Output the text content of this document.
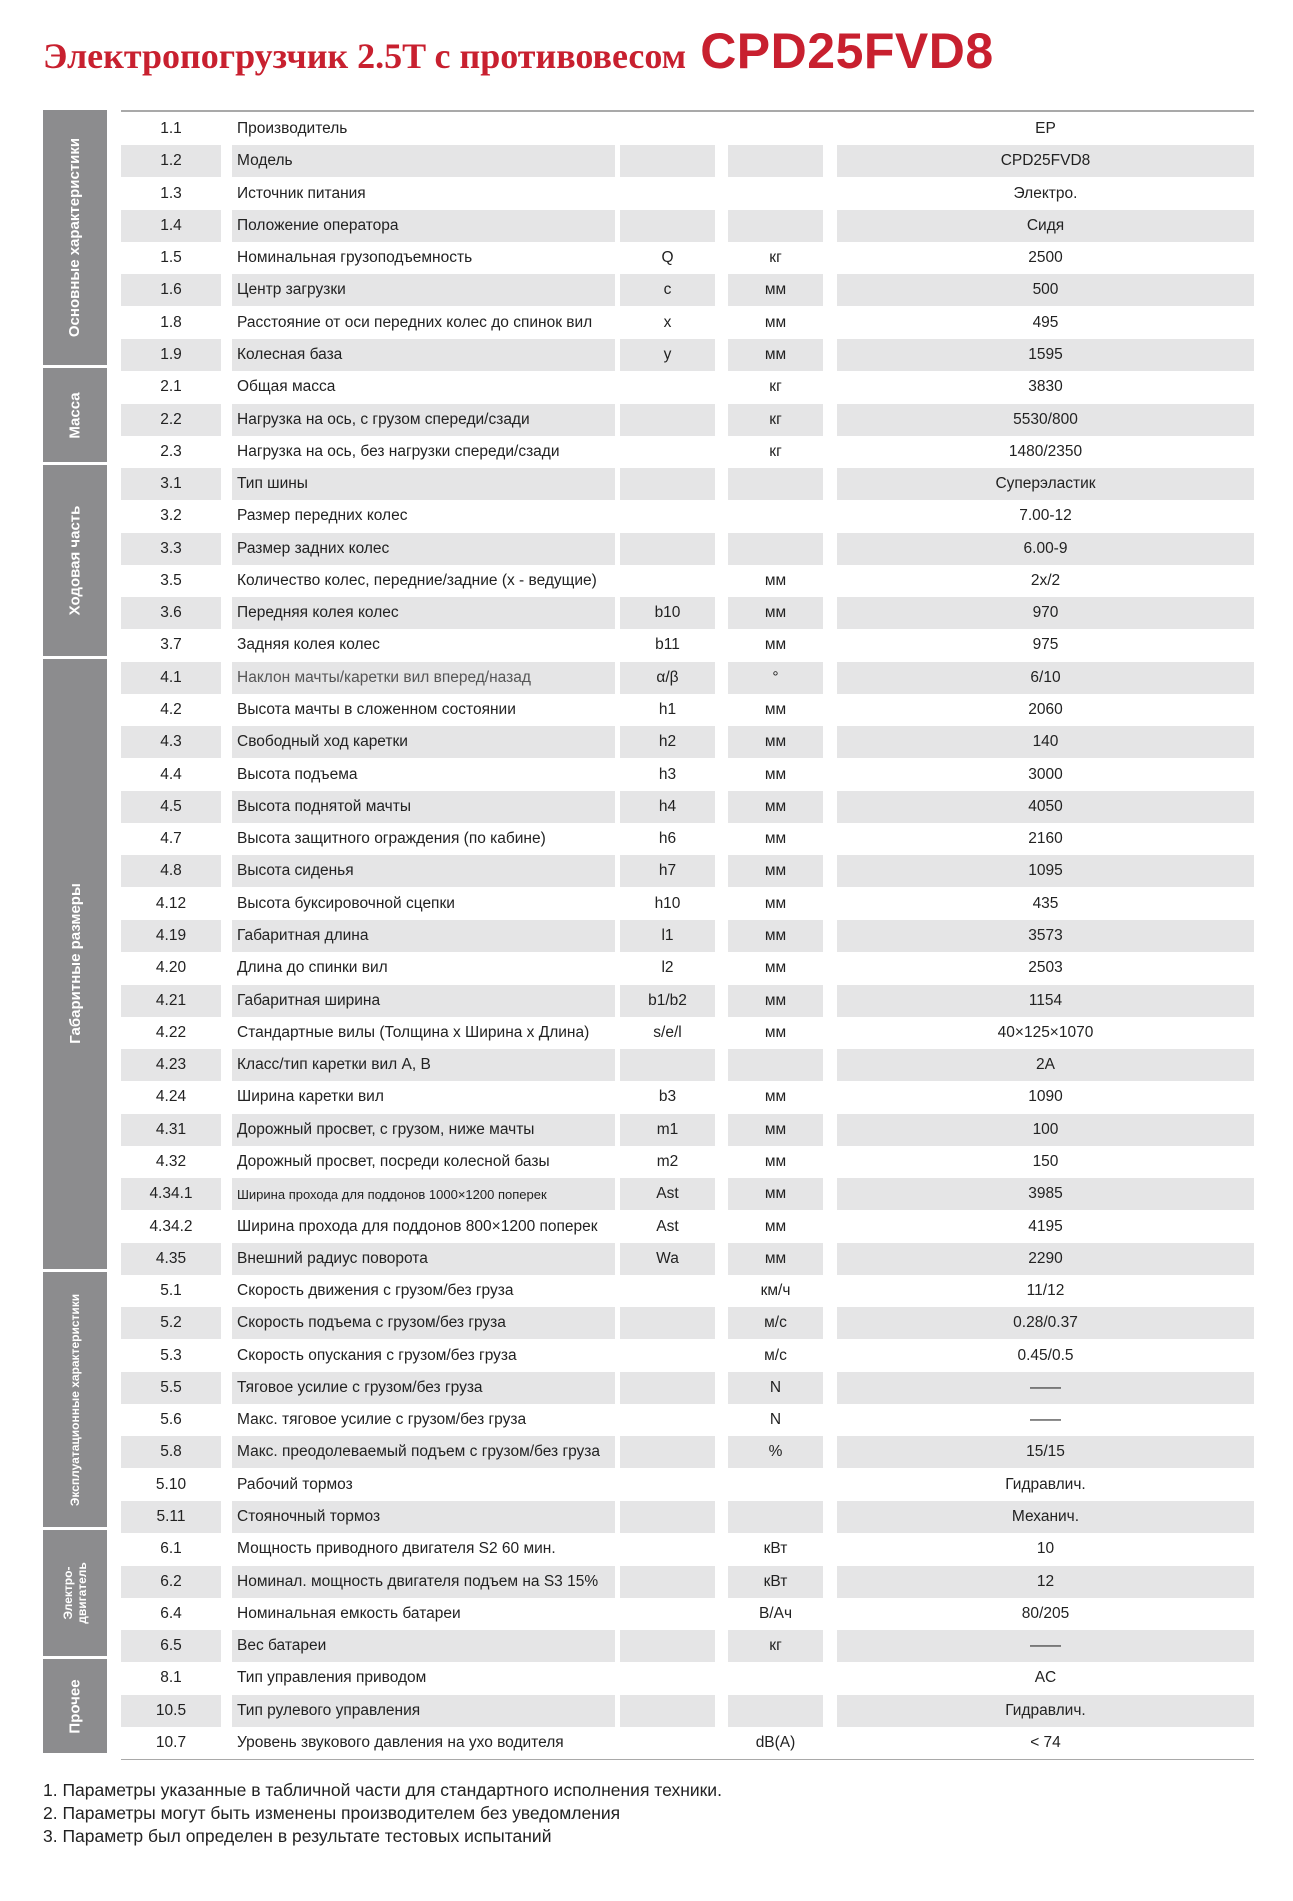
Электропогрузчик 2.5T с противовесом CPD25FVD8
Основные характеристики
Масса
Ходовая часть
Габаритные размеры
Эксплуатационные характеристики
Электро-
двигатель
Прочее
1.1	Производитель	EP
1.2	Модель	CPD25FVD8
1.3	Источник питания	Электро.
1.4	Положение оператора	Сидя
1.5	Номинальная грузоподъемность	Q	кг	2500
1.6	Центр загрузки	c	мм	500
1.8	Расстояние от оси передних колес до спинок вил	x	мм	495
1.9	Колесная база	y	мм	1595
2.1	Общая масса	кг	3830
2.2	Нагрузка на ось, с грузом спереди/сзади	кг	5530/800
2.3	Нагрузка на ось, без нагрузки спереди/сзади	кг	1480/2350
3.1	Тип шины	Суперэластик
3.2	Размер передних колес	7.00-12
3.3	Размер задних колес	6.00-9
3.5	Количество колес, передние/задние (x - ведущие)	мм	2x/2
3.6	Передняя колея колес	b10	мм	970
3.7	Задняя колея колес	b11	мм	975
4.1	Наклон мачты/каретки вил вперед/назад	α/β	°	6/10
4.2	Высота мачты в сложенном состоянии	h1	мм	2060
4.3	Свободный ход каретки	h2	мм	140
4.4	Высота подъема	h3	мм	3000
4.5	Высота поднятой мачты	h4	мм	4050
4.7	Высота защитного ограждения (по кабине)	h6	мм	2160
4.8	Высота сиденья	h7	мм	1095
4.12	Высота буксировочной сцепки	h10	мм	435
4.19	Габаритная длина	l1	мм	3573
4.20	Длина до спинки вил	l2	мм	2503
4.21	Габаритная ширина	b1/b2	мм	1154
4.22	Стандартные вилы (Толщина x Ширина x Длина)	s/e/l	мм	40×125×1070
4.23	Класс/тип каретки вил A, B	2A
4.24	Ширина каретки вил	b3	мм	1090
4.31	Дорожный просвет, с грузом, ниже мачты	m1	мм	100
4.32	Дорожный просвет, посреди колесной базы	m2	мм	150
4.34.1	Ширина прохода для поддонов 1000×1200 поперек	Ast	мм	3985
4.34.2	Ширина прохода для поддонов 800×1200 поперек	Ast	мм	4195
4.35	Внешний радиус поворота	Wa	мм	2290
5.1	Скорость движения с грузом/без груза	км/ч	11/12
5.2	Скорость подъема с грузом/без груза	м/с	0.28/0.37
5.3	Скорость опускания с грузом/без груза	м/с	0.45/0.5
5.5	Тяговое усилие с грузом/без груза	N	——
5.6	Макс. тяговое усилие с грузом/без груза	N	——
5.8	Макс. преодолеваемый подъем с грузом/без груза	%	15/15
5.10	Рабочий тормоз	Гидравлич.
5.11	Стояночный тормоз	Механич.
6.1	Мощность приводного двигателя S2 60 мин.	кВт	10
6.2	Номинал. мощность двигателя подъем на S3 15%	кВт	12
6.4	Номинальная емкость батареи	В/Ач	80/205
6.5	Вес батареи	кг	——
8.1	Тип управления приводом	AC
10.5	Тип рулевого управления	Гидравлич.
10.7	Уровень звукового давления на ухо водителя	dB(A)	< 74
1. Параметры указанные в табличной части для стандартного исполнения техники.
2. Параметры могут быть изменены производителем без уведомления
3. Параметр был определен в результате тестовых испытаний
